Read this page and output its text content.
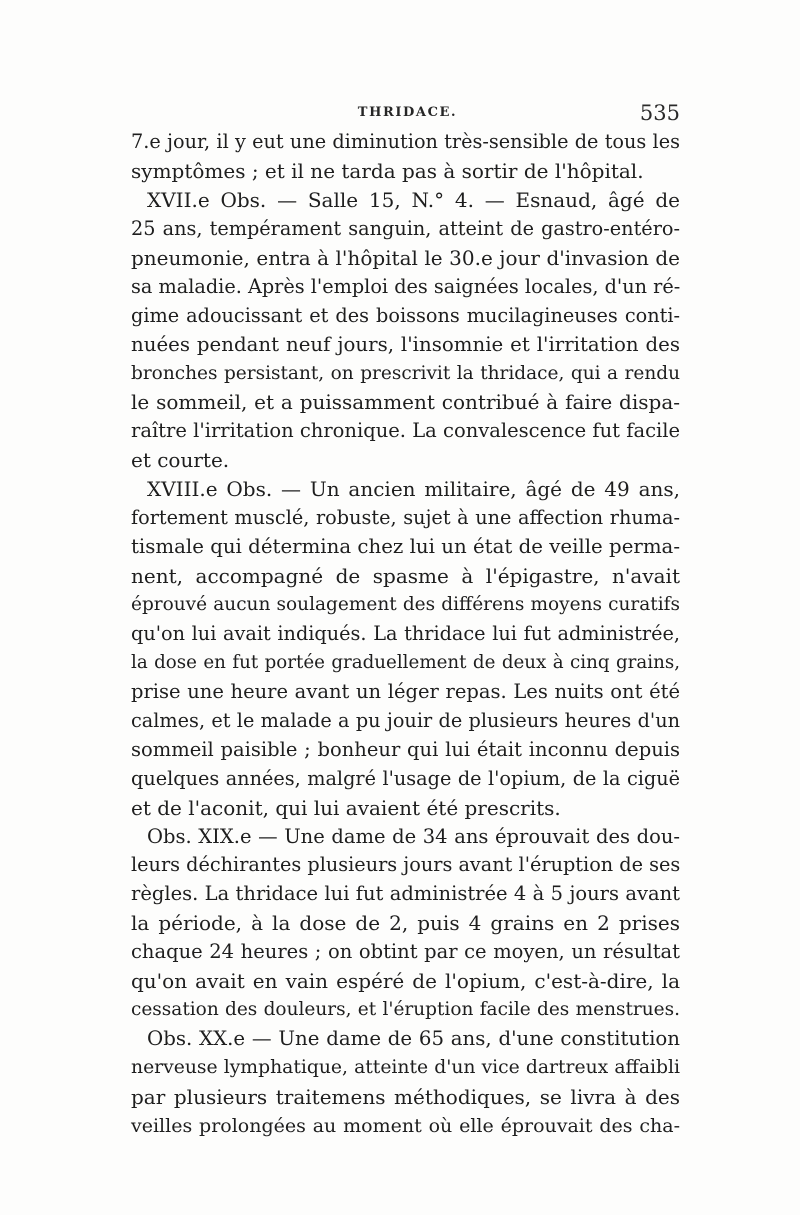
THRIDACE.	535
7.e jour, il y eut une diminution très-sensible de tous les
symptômes ; et il ne tarda pas à sortir de l'hôpital.
XVII.e Obs. — Salle 15, N.° 4. — Esnaud, âgé de
25 ans, tempérament sanguin, atteint de gastro-entéro-
pneumonie, entra à l'hôpital le 30.e jour d'invasion de
sa maladie. Après l'emploi des saignées locales, d'un ré-
gime adoucissant et des boissons mucilagineuses conti-
nuées pendant neuf jours, l'insomnie et l'irritation des
bronches persistant, on prescrivit la thridace, qui a rendu
le sommeil, et a puissamment contribué à faire dispa-
raître l'irritation chronique. La convalescence fut facile
et courte.
XVIII.e Obs. — Un ancien militaire, âgé de 49 ans,
fortement musclé, robuste, sujet à une affection rhuma-
tismale qui détermina chez lui un état de veille perma-
nent, accompagné de spasme à l'épigastre, n'avait
éprouvé aucun soulagement des différens moyens curatifs
qu'on lui avait indiqués. La thridace lui fut administrée,
la dose en fut portée graduellement de deux à cinq grains,
prise une heure avant un léger repas. Les nuits ont été
calmes, et le malade a pu jouir de plusieurs heures d'un
sommeil paisible ; bonheur qui lui était inconnu depuis
quelques années, malgré l'usage de l'opium, de la ciguë
et de l'aconit, qui lui avaient été prescrits.
Obs. XIX.e — Une dame de 34 ans éprouvait des dou-
leurs déchirantes plusieurs jours avant l'éruption de ses
règles. La thridace lui fut administrée 4 à 5 jours avant
la période, à la dose de 2, puis 4 grains en 2 prises
chaque 24 heures ; on obtint par ce moyen, un résultat
qu'on avait en vain espéré de l'opium, c'est-à-dire, la
cessation des douleurs, et l'éruption facile des menstrues.
Obs. XX.e — Une dame de 65 ans, d'une constitution
nerveuse lymphatique, atteinte d'un vice dartreux affaibli
par plusieurs traitemens méthodiques, se livra à des
veilles prolongées au moment où elle éprouvait des cha-
